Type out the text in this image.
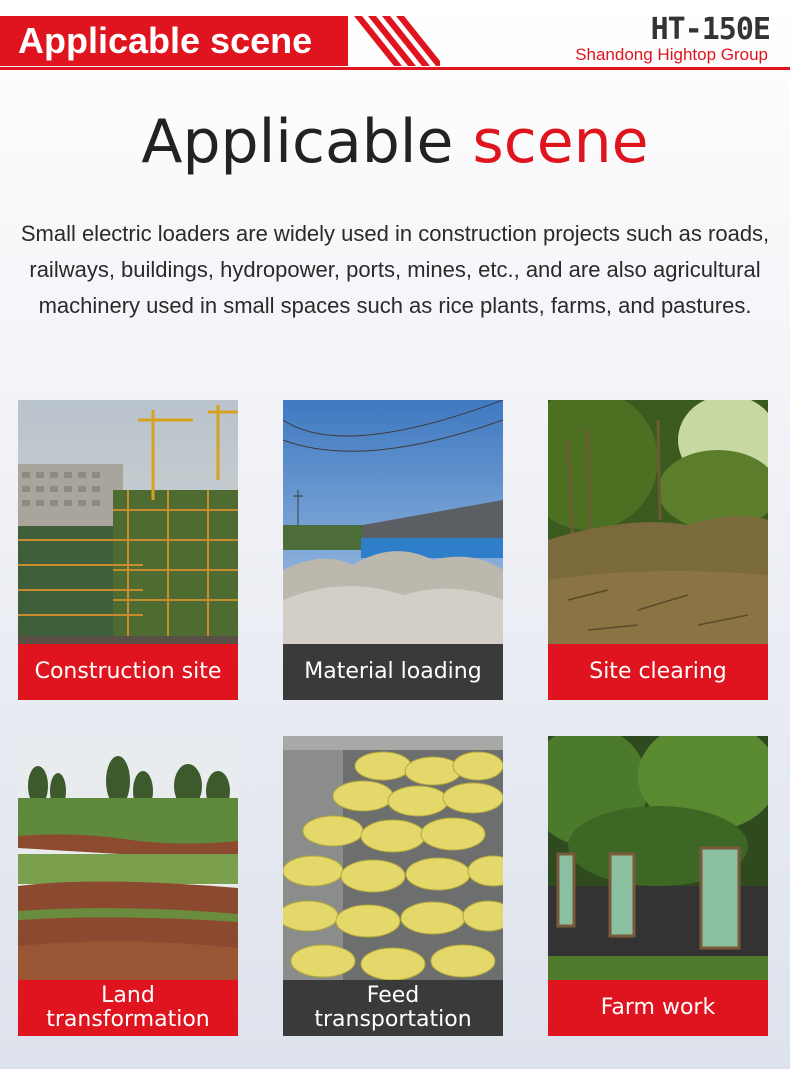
Applicable scene	HT-150E
Shandong Hightop Group
Applicable scene
Small electric loaders are widely used in construction projects such as roads, railways, buildings, hydropower, ports, mines, etc., and are also agricultural machinery used in small spaces such as rice plants, farms, and pastures.
Construction site	Material loading	Site clearing
Land transformation
Feed transportation	Farm work
